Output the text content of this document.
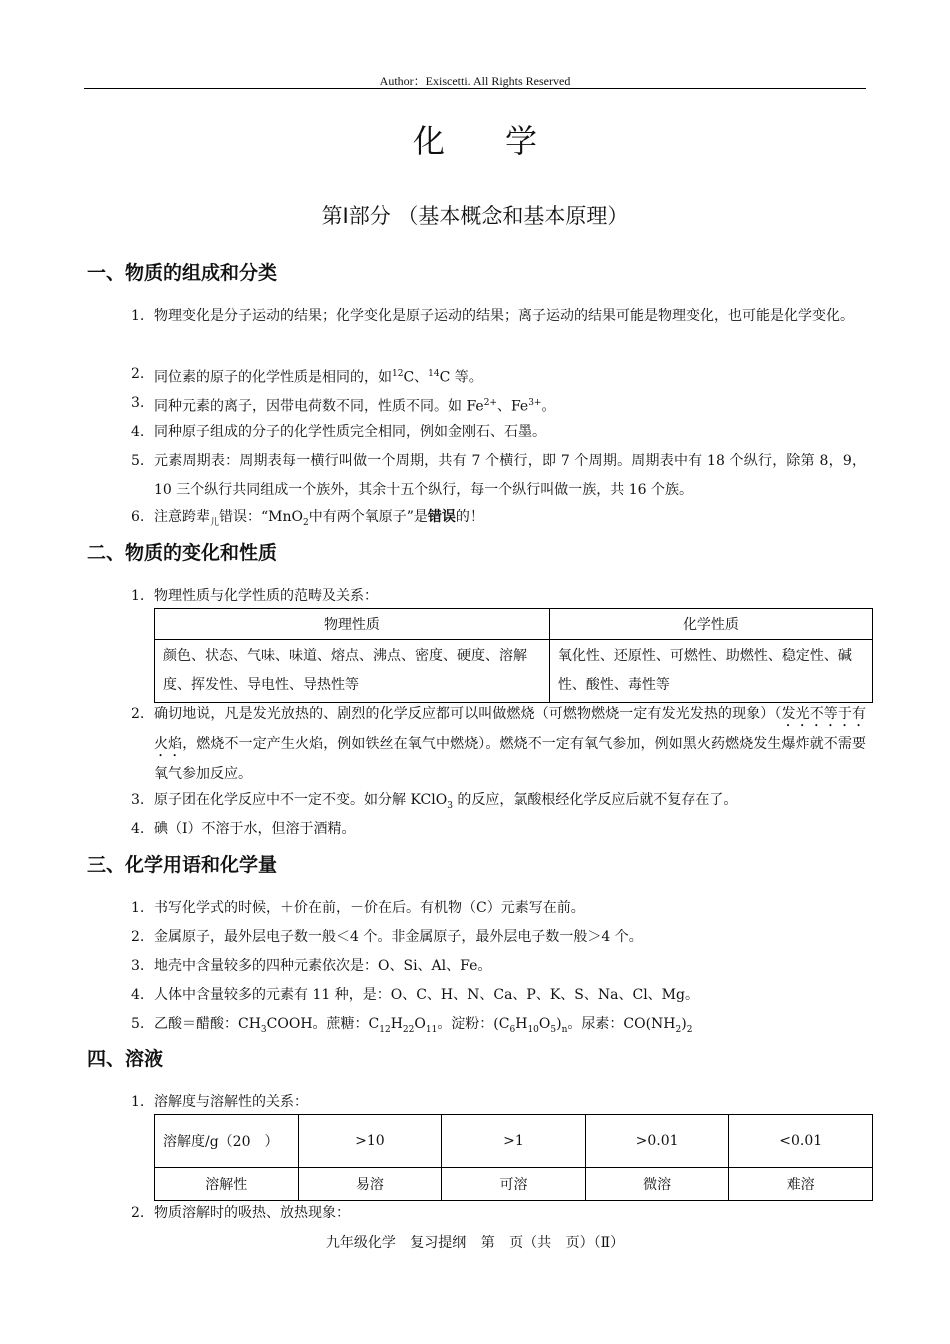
Author：Exiscetti. All Rights Reserved
化学
第Ⅰ部分 （基本概念和基本原理）
一、物质的组成和分类
1. 物理变化是分子运动的结果；化学变化是原子运动的结果；离子运动的结果可能是物理变化，也可能是化学变化。
2. 同位素的原子的化学性质是相同的，如$^{12}$C、$^{14}$C 等。
3. 同种元素的离子，因带电荷数不同，性质不同。如 $Fe^{2+}$、$Fe^{3+}$。
4. 同种原子组成的分子的化学性质完全相同，例如金刚石、石墨。
5. 元素周期表：周期表每一横行叫做一个周期，共有 7 个横行，即 7 个周期。周期表中有 18 个纵行，除第 8，9，10 三个纵行共同组成一个族外，其余十五个纵行，每一个纵行叫做一族，共 16 个族。
6. 注意跨辈$_儿$错误：“MnO$_2$中有两个氧原子”是错误的！
二、物质的变化和性质
1. 物理性质与化学性质的范畴及关系：
物理性质	化学性质
颜色、状态、气味、味道、熔点、沸点、密度、硬度、溶解度、挥发性、导电性、导热性等	氧化性、还原性、可燃性、助燃性、稳定性、碱性、酸性、毒性等
2. 确切地说，凡是发光放热的、剧烈的化学反应都可以叫做燃烧（可燃物燃烧一定有发光发热的现象）（发光不等于有火焰，燃烧不一定产生火焰，例如铁丝在氧气中燃烧）。燃烧不一定有氧气参加，例如黑火药燃烧发生爆炸就不需要氧气参加反应。
3. 原子团在化学反应中不一定不变。如分解 KClO$_3$ 的反应，氯酸根经化学反应后就不复存在了。
4. 碘（I）不溶于水，但溶于酒精。
三、化学用语和化学量
1. 书写化学式的时候，＋价在前，－价在后。有机物（C）元素写在前。
2. 金属原子，最外层电子数一般＜4 个。非金属原子，最外层电子数一般＞4 个。
3. 地壳中含量较多的四种元素依次是：O、Si、Al、Fe。
4. 人体中含量较多的元素有 11 种，是：O、C、H、N、Ca、P、K、S、Na、Cl、Mg。
5. 乙酸＝醋酸：$CH_3COOH$。蔗糖：$C_{12}H_{22}O_{11}$。淀粉：$(C_6H_{10}O_5)_n$。尿素：$CO(NH_2)_2$
四、溶液
1. 溶解度与溶解性的关系：
溶解度/g（20　）	>10	>1	>0.01	<0.01
溶解性	易溶	可溶	微溶	难溶
2. 物质溶解时的吸热、放热现象：
九年级化学 复习提纲 第 页（共 页）（Ⅱ）
